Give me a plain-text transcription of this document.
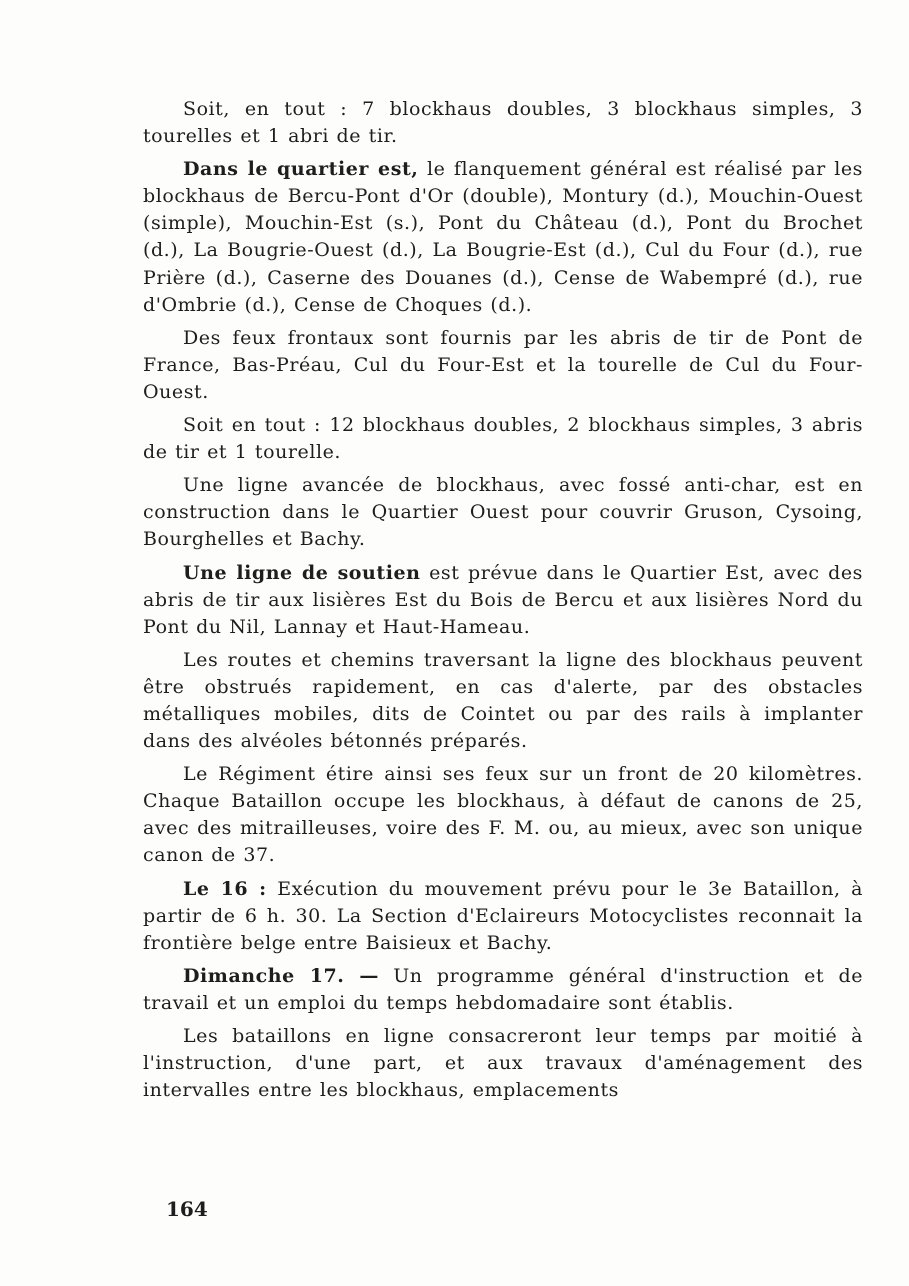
Soit, en tout : 7 blockhaus doubles, 3 blockhaus simples, 3 tourelles et 1 abri de tir.

Dans le quartier est, le flanquement général est réalisé par les blockhaus de Bercu-Pont d'Or (double), Montury (d.), Mouchin-Ouest (simple), Mouchin-Est (s.), Pont du Château (d.), Pont du Brochet (d.), La Bougrie-Ouest (d.), La Bougrie-Est (d.), Cul du Four (d.), rue Prière (d.), Caserne des Douanes (d.), Cense de Wabempré (d.), rue d'Ombrie (d.), Cense de Choques (d.).

Des feux frontaux sont fournis par les abris de tir de Pont de France, Bas-Préau, Cul du Four-Est et la tourelle de Cul du Four-Ouest.

Soit en tout : 12 blockhaus doubles, 2 blockhaus simples, 3 abris de tir et 1 tourelle.

Une ligne avancée de blockhaus, avec fossé anti-char, est en construction dans le Quartier Ouest pour couvrir Gruson, Cysoing, Bourghelles et Bachy.

Une ligne de soutien est prévue dans le Quartier Est, avec des abris de tir aux lisières Est du Bois de Bercu et aux lisières Nord du Pont du Nil, Lannay et Haut-Hameau.

Les routes et chemins traversant la ligne des blockhaus peuvent être obstrués rapidement, en cas d'alerte, par des obstacles métalliques mobiles, dits de Cointet ou par des rails à implanter dans des alvéoles bétonnés préparés.

Le Régiment étire ainsi ses feux sur un front de 20 kilomètres. Chaque Bataillon occupe les blockhaus, à défaut de canons de 25, avec des mitrailleuses, voire des F. M. ou, au mieux, avec son unique canon de 37.

Le 16 : Exécution du mouvement prévu pour le 3e Bataillon, à partir de 6 h. 30. La Section d'Eclaireurs Motocyclistes reconnait la frontière belge entre Baisieux et Bachy.

Dimanche 17. — Un programme général d'instruction et de travail et un emploi du temps hebdomadaire sont établis.

Les bataillons en ligne consacreront leur temps par moitié à l'instruction, d'une part, et aux travaux d'aménagement des intervalles entre les blockhaus, emplacements

164
